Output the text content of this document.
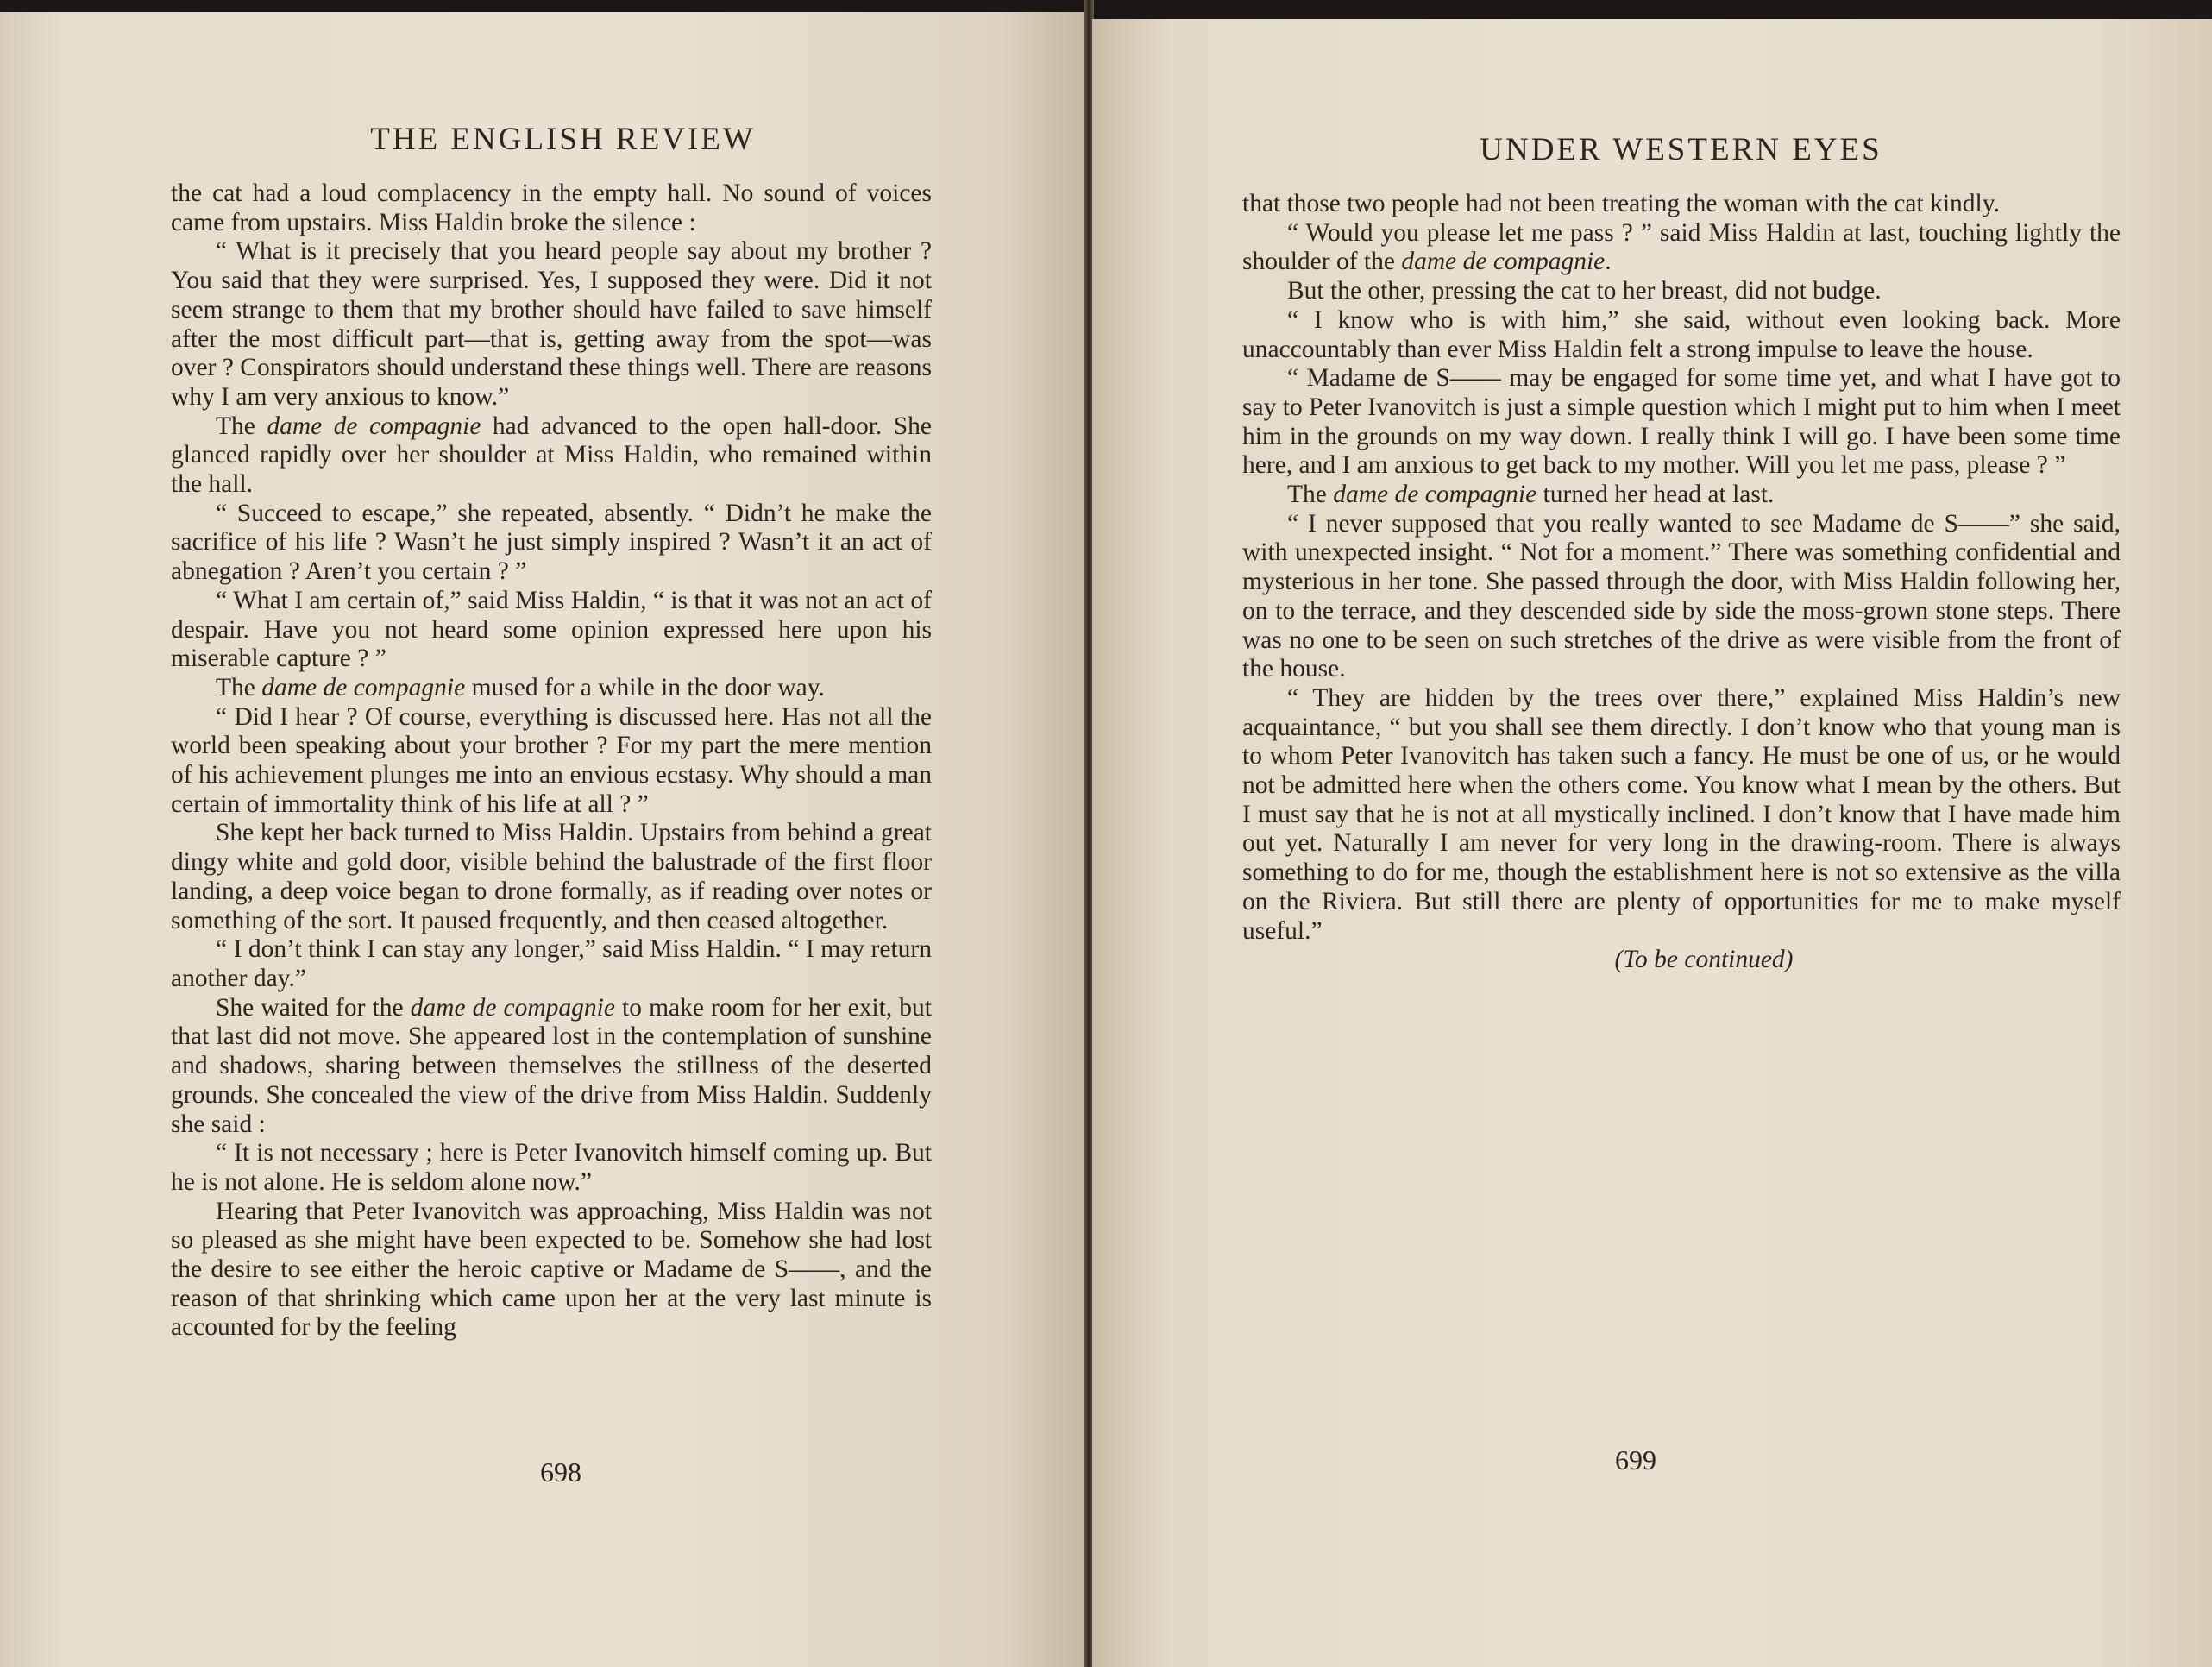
THE ENGLISH REVIEW

the cat had a loud complacency in the empty hall. No sound of voices came from upstairs. Miss Haldin broke the silence :

“ What is it precisely that you heard people say about my brother ? You said that they were surprised. Yes, I supposed they were. Did it not seem strange to them that my brother should have failed to save himself after the most difficult part—that is, getting away from the spot—was over ? Conspirators should understand these things well. There are reasons why I am very anxious to know.”

The dame de compagnie had advanced to the open hall-door. She glanced rapidly over her shoulder at Miss Haldin, who remained within the hall.

“ Succeed to escape,” she repeated, absently. “ Didn’t he make the sacrifice of his life ? Wasn’t he just simply inspired ? Wasn’t it an act of abnegation ? Aren’t you certain ? ”

“ What I am certain of,” said Miss Haldin, “ is that it was not an act of despair. Have you not heard some opinion expressed here upon his miserable capture ? ”

The dame de compagnie mused for a while in the door way.

“ Did I hear ? Of course, everything is discussed here. Has not all the world been speaking about your brother ? For my part the mere mention of his achievement plunges me into an envious ecstasy. Why should a man certain of immortality think of his life at all ? ”

She kept her back turned to Miss Haldin. Upstairs from behind a great dingy white and gold door, visible behind the balustrade of the first floor landing, a deep voice began to drone formally, as if reading over notes or something of the sort. It paused frequently, and then ceased altogether.

“ I don’t think I can stay any longer,” said Miss Haldin. “ I may return another day.”

She waited for the dame de compagnie to make room for her exit, but that last did not move. She appeared lost in the contemplation of sunshine and shadows, sharing between themselves the stillness of the deserted grounds. She concealed the view of the drive from Miss Haldin. Suddenly she said :

“ It is not necessary ; here is Peter Ivanovitch himself coming up. But he is not alone. He is seldom alone now.”

Hearing that Peter Ivanovitch was approaching, Miss Haldin was not so pleased as she might have been expected to be. Somehow she had lost the desire to see either the heroic captive or Madame de S——, and the reason of that shrinking which came upon her at the very last minute is accounted for by the feeling

698
UNDER WESTERN EYES

that those two people had not been treating the woman with the cat kindly.

“ Would you please let me pass ? ” said Miss Haldin at last, touching lightly the shoulder of the dame de compagnie.

But the other, pressing the cat to her breast, did not budge.

“ I know who is with him,” she said, without even looking back. More unaccountably than ever Miss Haldin felt a strong impulse to leave the house.

“ Madame de S—— may be engaged for some time yet, and what I have got to say to Peter Ivanovitch is just a simple question which I might put to him when I meet him in the grounds on my way down. I really think I will go. I have been some time here, and I am anxious to get back to my mother. Will you let me pass, please ? ”

The dame de compagnie turned her head at last.

“ I never supposed that you really wanted to see Madame de S——” she said, with unexpected insight. “ Not for a moment.” There was something confidential and mysterious in her tone. She passed through the door, with Miss Haldin following her, on to the terrace, and they descended side by side the moss-grown stone steps. There was no one to be seen on such stretches of the drive as were visible from the front of the house.

“ They are hidden by the trees over there,” explained Miss Haldin’s new acquaintance, “ but you shall see them directly. I don’t know who that young man is to whom Peter Ivanovitch has taken such a fancy. He must be one of us, or he would not be admitted here when the others come. You know what I mean by the others. But I must say that he is not at all mystically inclined. I don’t know that I have made him out yet. Naturally I am never for very long in the drawing-room. There is always something to do for me, though the establishment here is not so extensive as the villa on the Riviera. But still there are plenty of opportunities for me to make myself useful.”

(To be continued)

699
